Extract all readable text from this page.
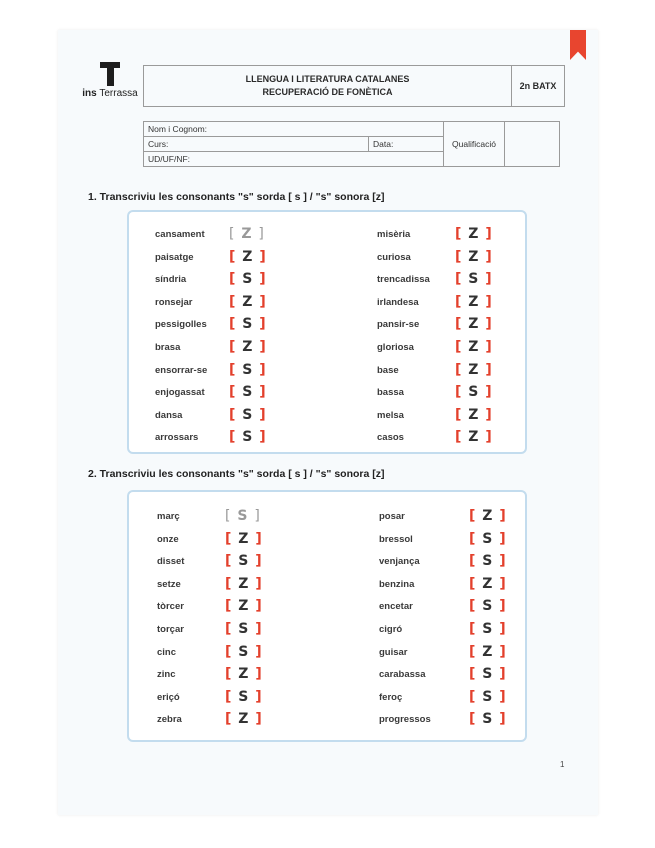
ins Terrassa
LLENGUA I LITERATURA CATALANES
RECUPERACIÓ DE FONÈTICA
	2n BATX
Nom i Cognom:		Qualificació	
Curs:	Data:		
UD/UF/NF:			
1. Transcriviu les consonants "s" sorda [ s ] / "s" sonora [z]
cansament [ Z ]
paisatge	[ Z ]
síndria	[ S ]
ronsejar	[ Z ]
pessigolles [ S ]
brasa	[ Z ]
ensorrar-se [ S ]
enjogassat [ S ]
dansa	[ S ]
arrossars [ S ]
misèria	[ Z ]
curiosa	[ Z ]
trencadissa [ S ]
irlandesa	[ Z ]
pansir-se	[ Z ]
gloriosa	[ Z ]
base	[ Z ]
bassa	[ S ]
melsa	[ Z ]
casos	[ Z ]
2. Transcriviu les consonants "s" sorda [ s ] / "s" sonora [z]
març	[ S ]
onze	[ Z ]
disset	[ S ]
setze	[ Z ]
tòrcer	[ Z ]
torçar	[ S ]
cinc	[ S ]
zinc	[ Z ]
eriçó	[ S ]
zebra	[ Z ]
posar	[ Z ]
bressol	[ S ]
venjança	[ S ]
benzina	[ Z ]
encetar	[ S ]
cigró	[ S ]
guisar	[ Z ]
carabassa	[ S ]
feroç	[ S ]
progressos	[ S ]
1
